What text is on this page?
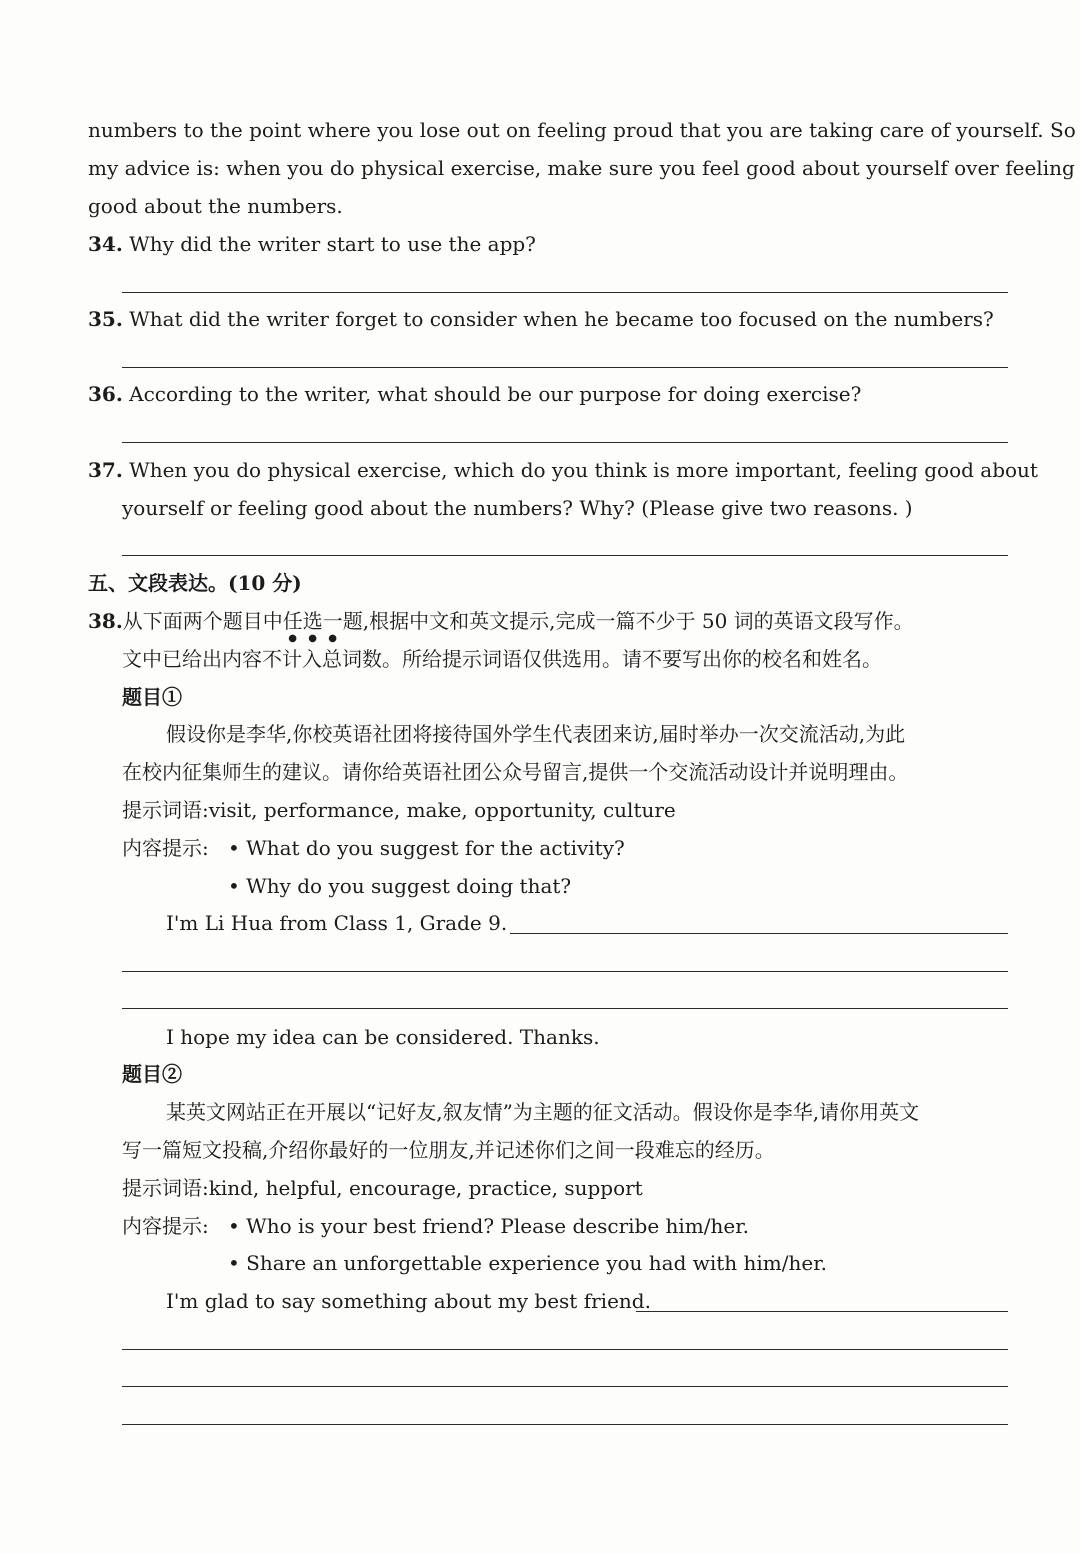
numbers to the point where you lose out on feeling proud that you are taking care of yourself. So
my advice is: when you do physical exercise, make sure you feel good about yourself over feeling
good about the numbers.
34. Why did the writer start to use the app?
35. What did the writer forget to consider when he became too focused on the numbers?
36. According to the writer, what should be our purpose for doing exercise?
37. When you do physical exercise, which do you think is more important, feeling good about
yourself or feeling good about the numbers? Why? (Please give two reasons. )
五、文段表达。(10 分)
38.从下面两个题目中任选一题,根据中文和英文提示,完成一篇不少于 50 词的英语文段写作。
文中已给出内容不计入总词数。所给提示词语仅供选用。请不要写出你的校名和姓名。
题目①
假设你是李华,你校英语社团将接待国外学生代表团来访,届时举办一次交流活动,为此
在校内征集师生的建议。请你给英语社团公众号留言,提供一个交流活动设计并说明理由。
提示词语:visit, performance, make, opportunity, culture
内容提示: • What do you suggest for the activity?
• Why do you suggest doing that?
I'm Li Hua from Class 1, Grade 9.
I hope my idea can be considered. Thanks.
题目②
某英文网站正在开展以“记好友,叙友情”为主题的征文活动。假设你是李华,请你用英文
写一篇短文投稿,介绍你最好的一位朋友,并记述你们之间一段难忘的经历。
提示词语:kind, helpful, encourage, practice, support
内容提示: • Who is your best friend? Please describe him/her.
• Share an unforgettable experience you had with him/her.
I'm glad to say something about my best friend.
